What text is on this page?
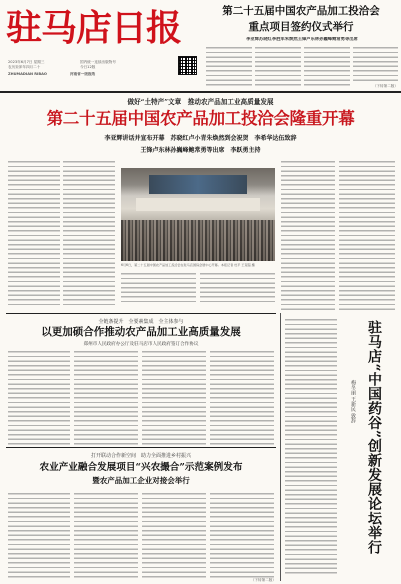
驻马店日报
2023年6月7日 星期三
农历癸卯年四月二十
国内统一连续出版物号
今日12版
ZHUMADIAN RIBAO	河南省一级报纸
第二十五届中国农产品加工投洽会
重点项目签约仪式举行
李亚辉苏晓红李胜军朱焕然王锋卢东林孙巍峰鲍常勇等出席
（下转第二版）
做好“土特产”文章　推动农产品加工业高质量发展
第二十五届中国农产品加工投洽会隆重开幕
李亚辉讲话并宣布开幕　苏晓红卢小青朱焕然到会祝贺　李希华达伍致辞
王锋卢东林孙巍峰鲍常勇等出席　李跃勇主持
6月6日，第二十五届中国农产品加工投洽会在驻马店国际会展中心开幕。本报记者 杜平 王贺超 摄
全链条提升　全要素集成　全主体参与
以更加硕合作推动农产品加工业高质量发展
郑州市人民政府办公厅及驻马店市人民政府签订合作协议
打开联动合作新空间　助力全面推进乡村振兴
农业产业融合发展项目“兴农撮合”示范案例发布
暨农产品加工企业对接会举行
（下转第二版）
驻马店“中国药谷”创新发展论坛举行
梅冬丽 王新民 致辞
